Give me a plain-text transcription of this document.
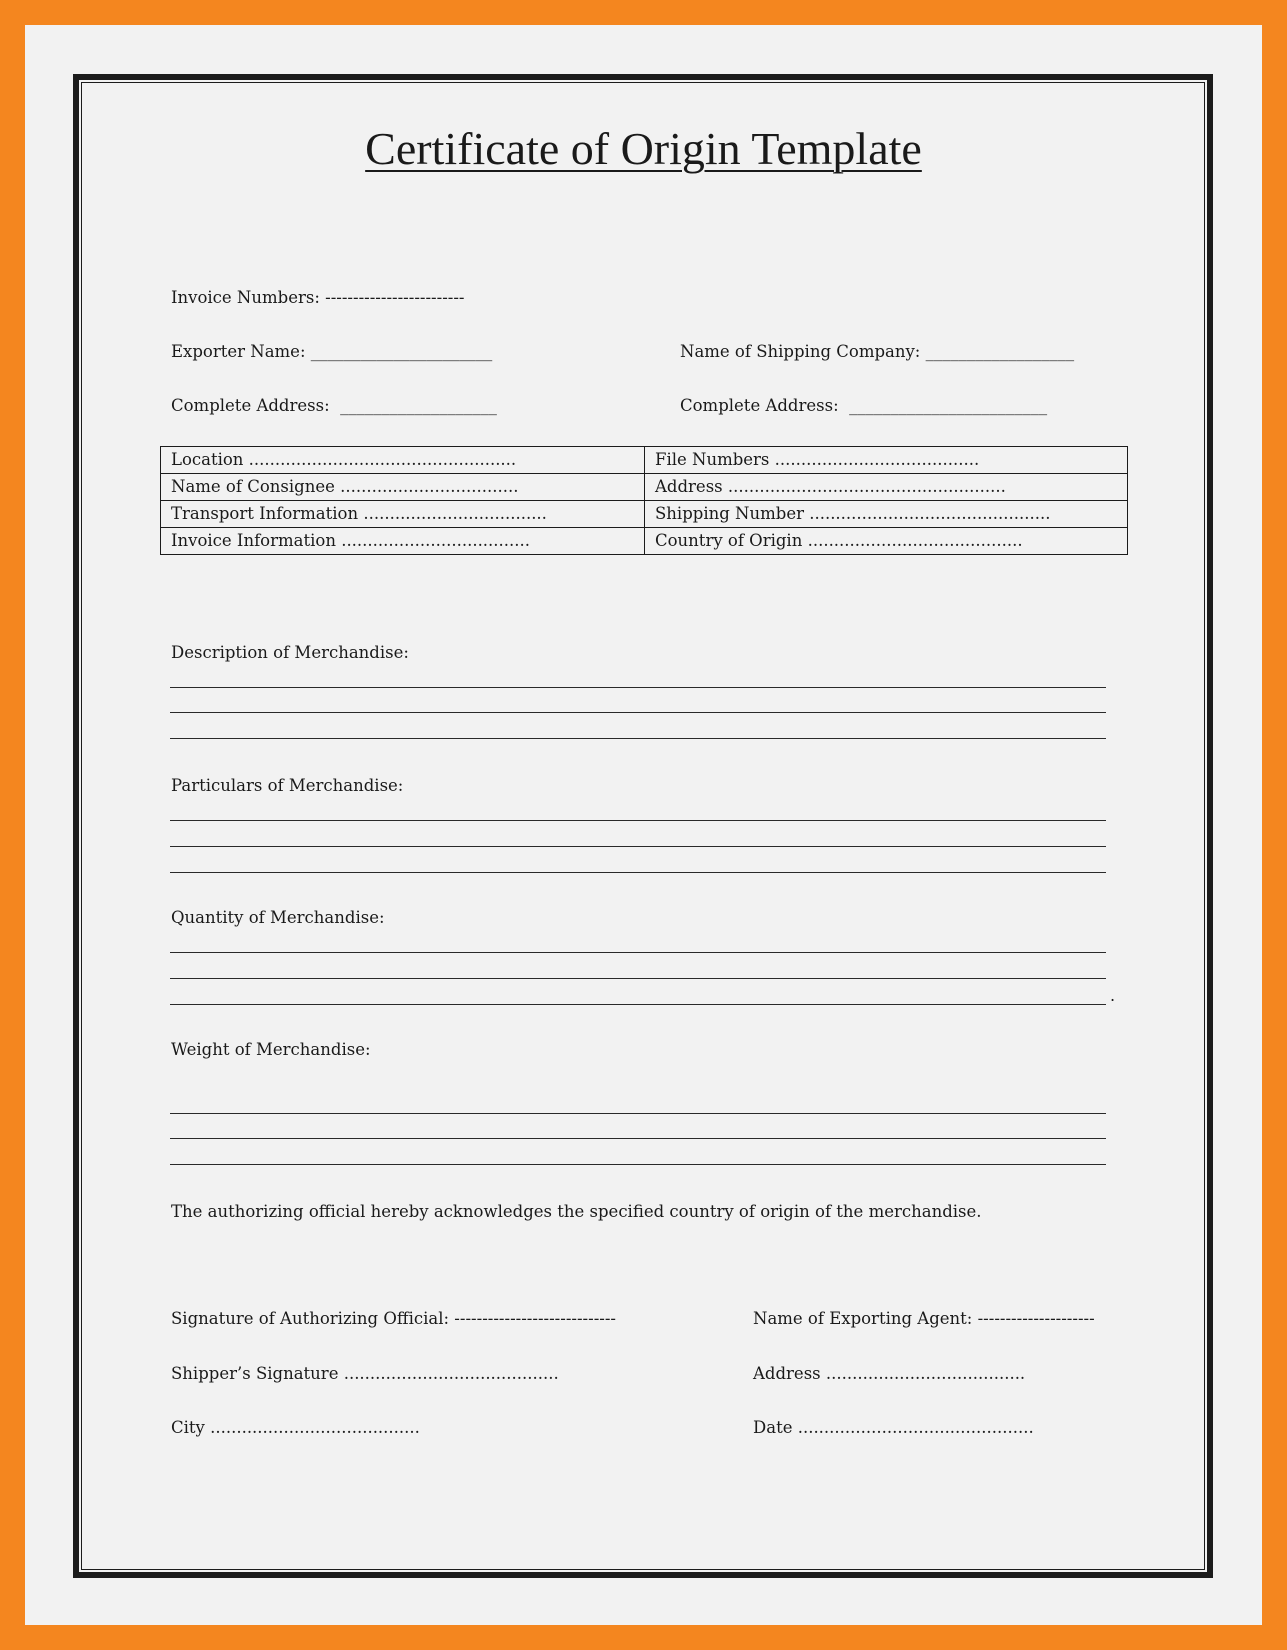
Certificate of Origin Template
Invoice Numbers: -------------------------
Exporter Name: ______________________	Name of Shipping Company: __________________
Complete Address:  ___________________	Complete Address:  ________________________
Location ...................................................	File Numbers .......................................
Name of Consignee ..................................	Address .....................................................
Transport Information ...................................	Shipping Number ..............................................
Invoice Information ....................................	Country of Origin .........................................
Description of Merchandise:
Particulars of Merchandise:
Quantity of Merchandise:
.
Weight of Merchandise:
The authorizing official hereby acknowledges the specified country of origin of the merchandise.
Signature of Authorizing Official: -----------------------------	Name of Exporting Agent: ---------------------
Shipper’s Signature .........................................	Address ......................................
City ........................................	Date .............................................
